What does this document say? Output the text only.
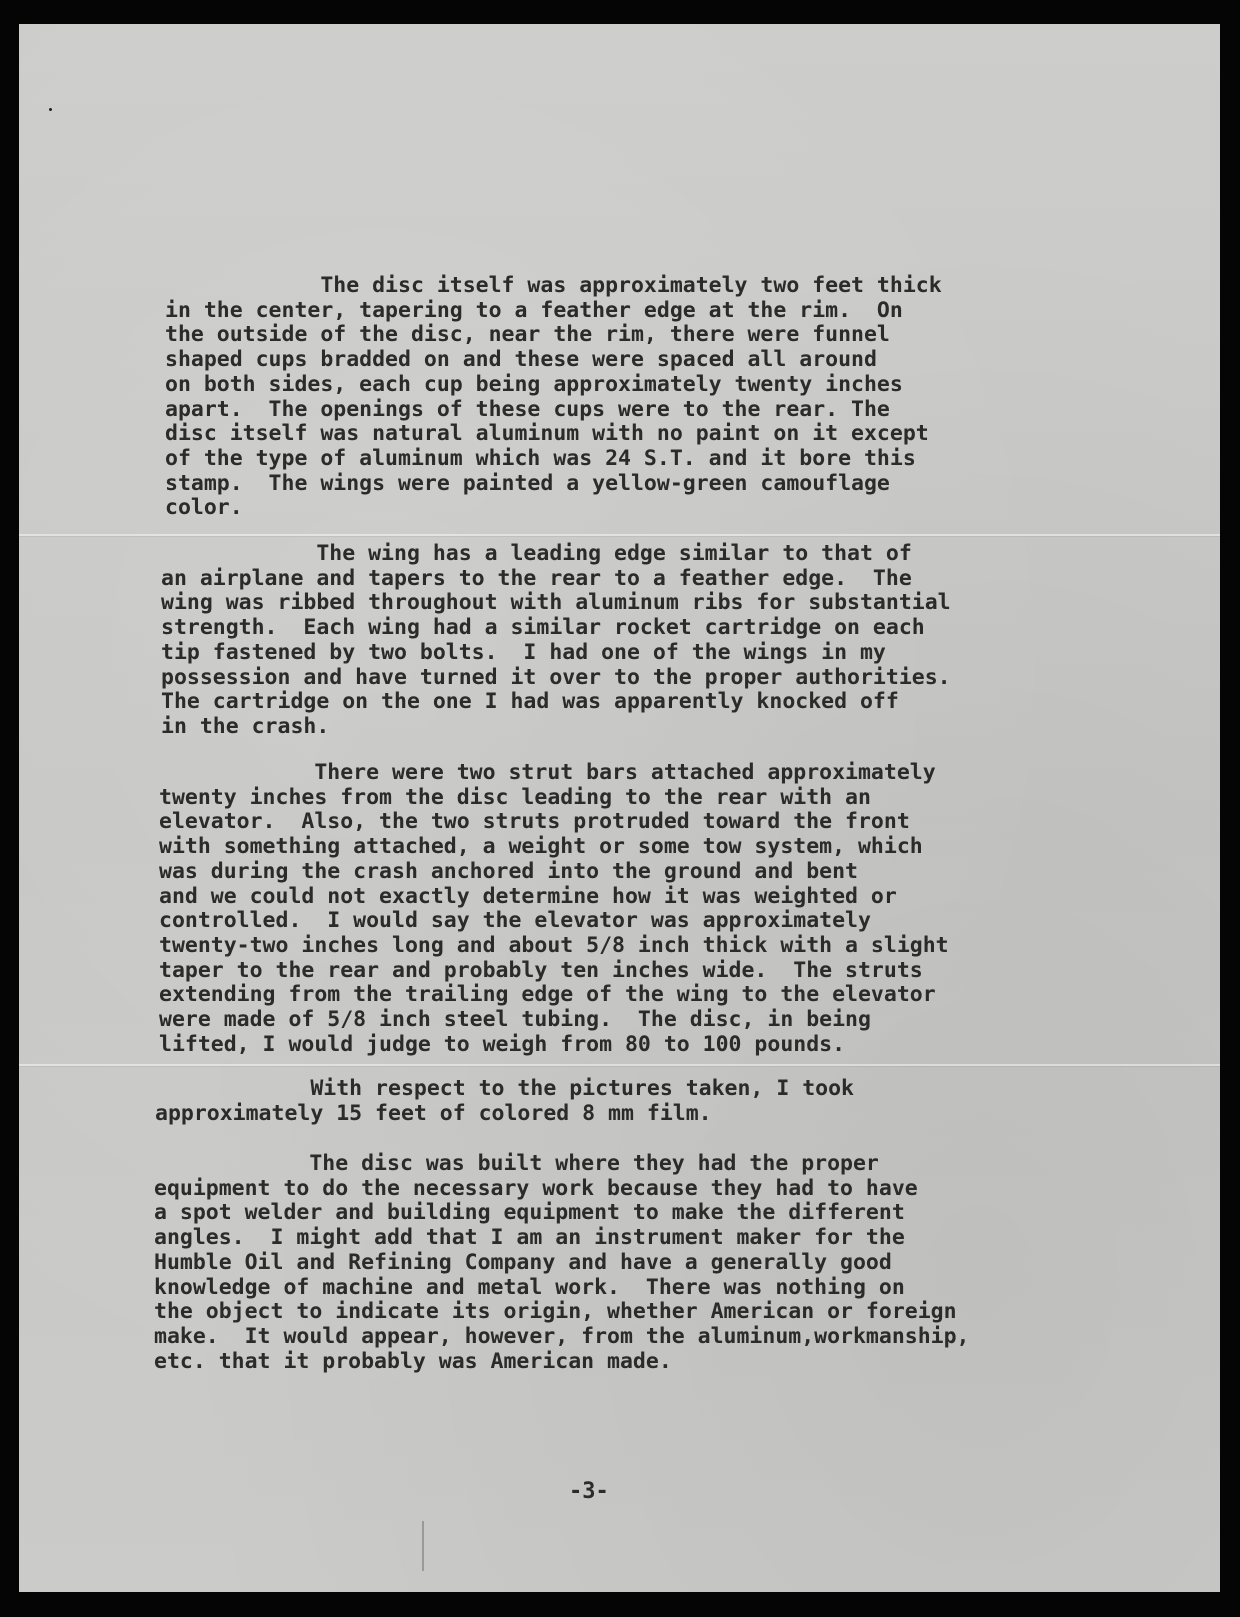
The disc itself was approximately two feet thick
in the center, tapering to a feather edge at the rim.  On
the outside of the disc, near the rim, there were funnel
shaped cups bradded on and these were spaced all around
on both sides, each cup being approximately twenty inches
apart.  The openings of these cups were to the rear. The
disc itself was natural aluminum with no paint on it except
of the type of aluminum which was 24 S.T. and it bore this
stamp.  The wings were painted a yellow-green camouflage
color.

The wing has a leading edge similar to that of
an airplane and tapers to the rear to a feather edge.  The
wing was ribbed throughout with aluminum ribs for substantial
strength.  Each wing had a similar rocket cartridge on each
tip fastened by two bolts.  I had one of the wings in my
possession and have turned it over to the proper authorities.
The cartridge on the one I had was apparently knocked off
in the crash.

There were two strut bars attached approximately
twenty inches from the disc leading to the rear with an
elevator.  Also, the two struts protruded toward the front
with something attached, a weight or some tow system, which
was during the crash anchored into the ground and bent
and we could not exactly determine how it was weighted or
controlled.  I would say the elevator was approximately
twenty-two inches long and about 5/8 inch thick with a slight
taper to the rear and probably ten inches wide.  The struts
extending from the trailing edge of the wing to the elevator
were made of 5/8 inch steel tubing.  The disc, in being
lifted, I would judge to weigh from 80 to 100 pounds.

With respect to the pictures taken, I took
approximately 15 feet of colored 8 mm film.

The disc was built where they had the proper
equipment to do the necessary work because they had to have
a spot welder and building equipment to make the different
angles.  I might add that I am an instrument maker for the
Humble Oil and Refining Company and have a generally good
knowledge of machine and metal work.  There was nothing on
the object to indicate its origin, whether American or foreign
make.  It would appear, however, from the aluminum,workmanship,
etc. that it probably was American made.

-3-
